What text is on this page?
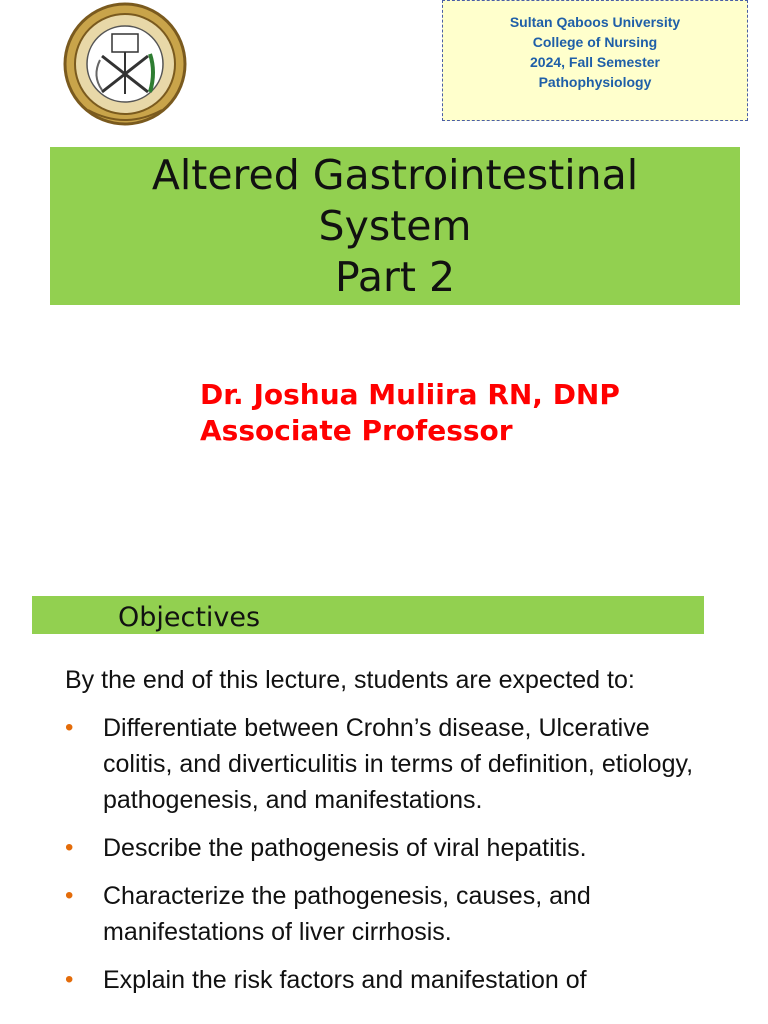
Sultan Qaboos University
College of Nursing
2024, Fall Semester
Pathophysiology
Altered Gastrointestinal
System
Part 2
Dr. Joshua Muliira RN, DNP
Associate Professor
Objectives
By the end of this lecture, students are expected to:
• Differentiate between Crohn’s disease, Ulcerative colitis, and diverticulitis in terms of definition, etiology, pathogenesis, and manifestations.
• Describe the pathogenesis of viral hepatitis.
• Characterize the pathogenesis, causes, and manifestations of liver cirrhosis.
• Explain the risk factors and manifestation of
